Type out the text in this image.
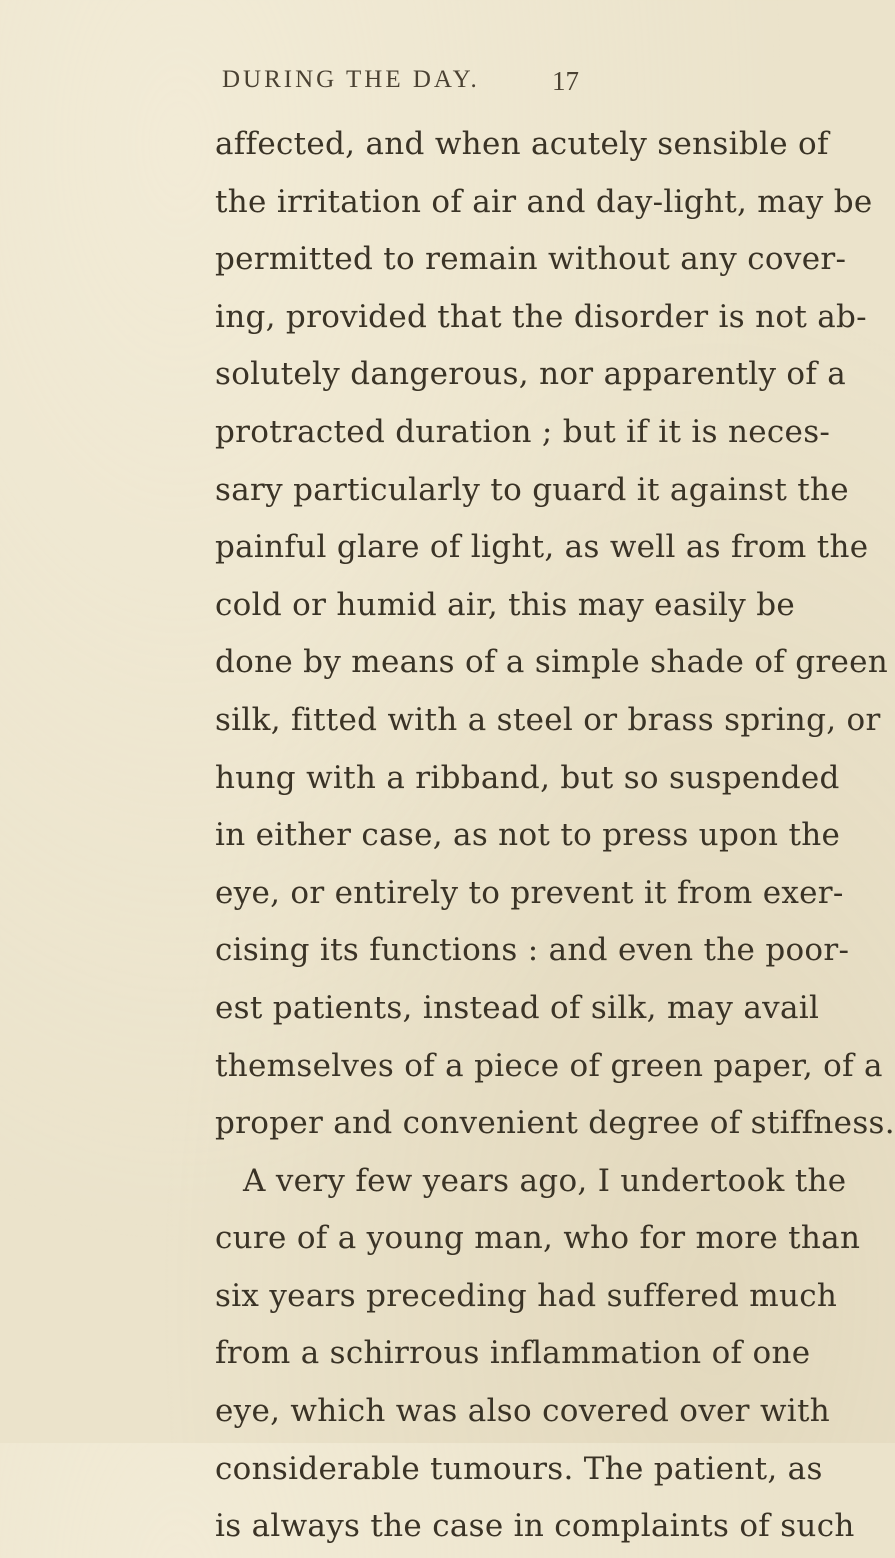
DURING THE DAY.	17
affected, and when acutely sensible of
the irritation of air and day-light, may be
permitted to remain without any cover-
ing, provided that the disorder is not ab-
solutely dangerous, nor apparently of a
protracted duration ; but if it is neces-
sary particularly to guard it against the
painful glare of light, as well as from the
cold or humid air, this may easily be
done by means of a simple shade of green
silk, fitted with a steel or brass spring, or
hung with a ribband, but so suspended
in either case, as not to press upon the
eye, or entirely to prevent it from exer-
cising its functions : and even the poor-
est patients, instead of silk, may avail
themselves of a piece of green paper, of a
proper and convenient degree of stiffness.
A very few years ago, I undertook the
cure of a young man, who for more than
six years preceding had suffered much
from a schirrous inflammation of one
eye, which was also covered over with
considerable tumours. The patient, as
is always the case in complaints of such
